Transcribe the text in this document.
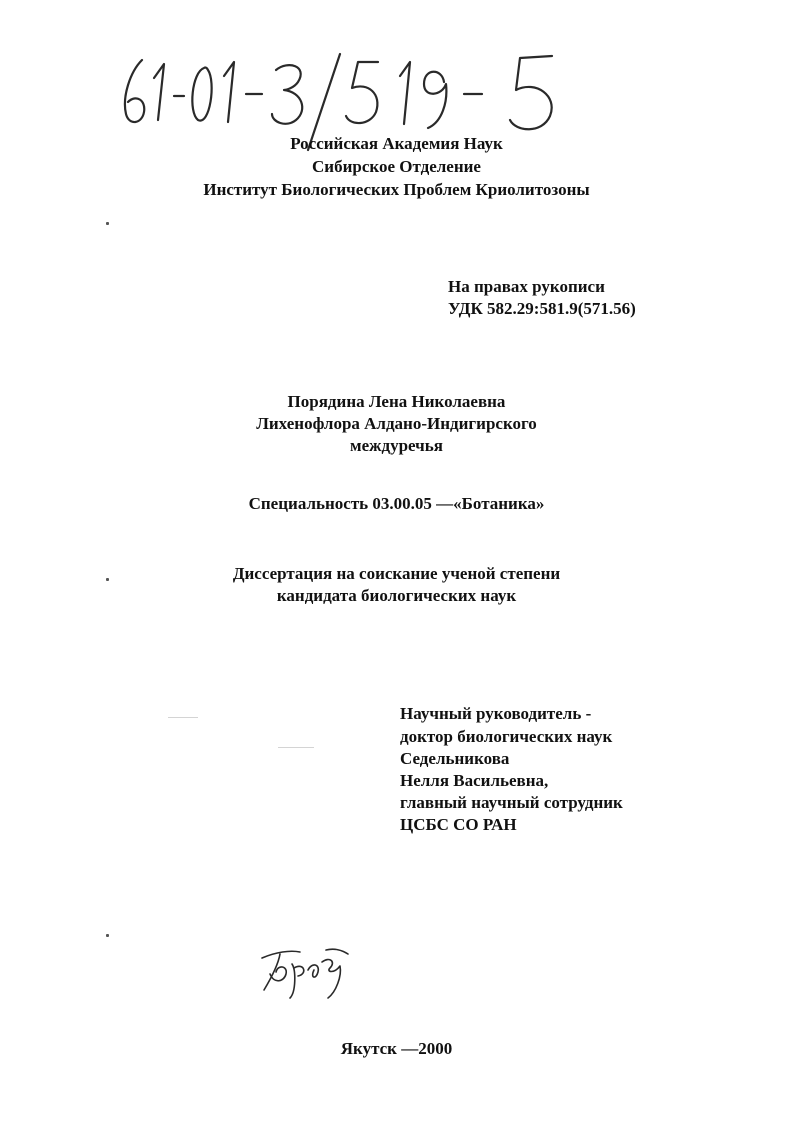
Российская Академия Наук
Сибирское Отделение
Институт Биологических Проблем Криолитозоны
На правах рукописи
УДК 582.29:581.9(571.56)
Порядина Лена Николаевна
Лихенофлора Алдано-Индигирского
междуречья
Специальность 03.00.05 —«Ботаника»
Диссертация на соискание ученой степени
кандидата биологических наук
Научный руководитель -
доктор биологических наук
Седельникова
Нелля Васильевна,
главный научный сотрудник
ЦСБС СО РАН
Якутск —2000
